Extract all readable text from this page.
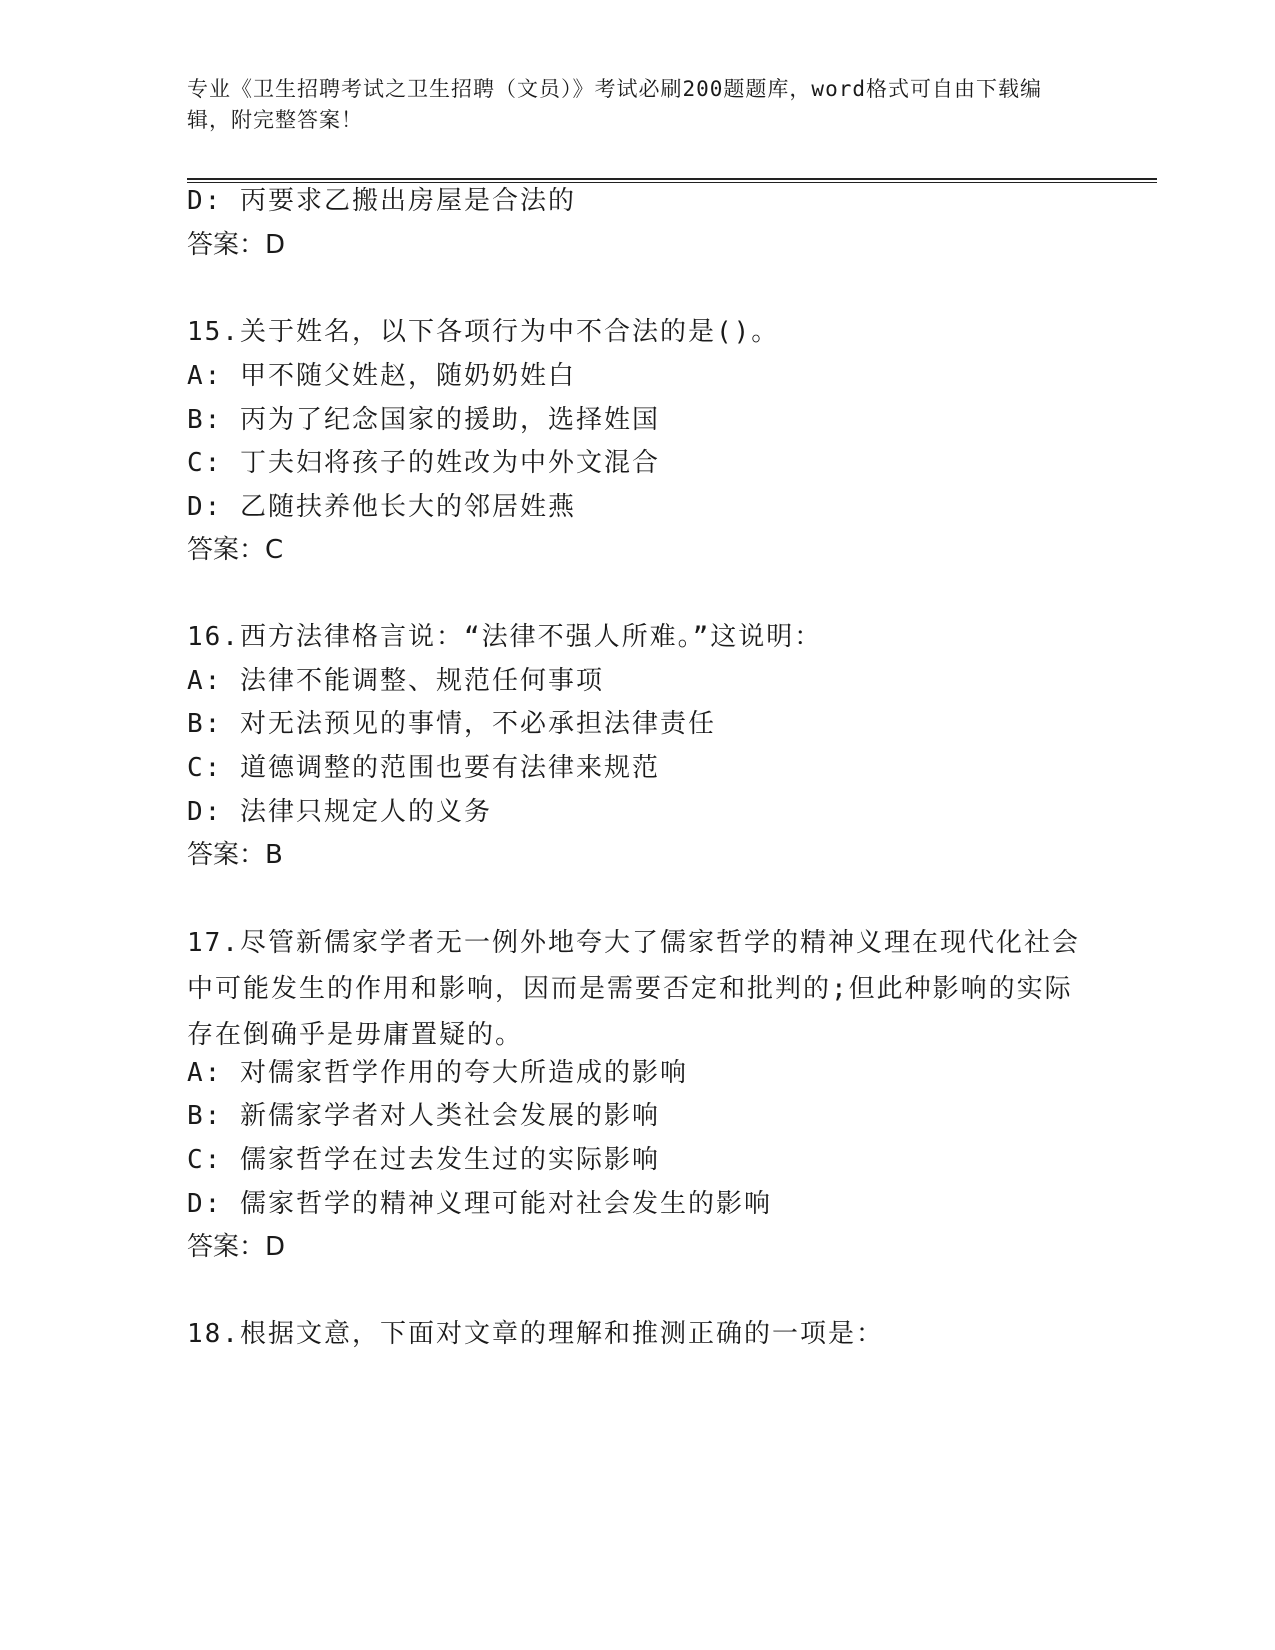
专业《卫生招聘考试之卫生招聘（文员）》考试必刷200题题库，word格式可自由下载编辑，附完整答案！
D: 丙要求乙搬出房屋是合法的
答案：D
15.关于姓名，以下各项行为中不合法的是()。
A: 甲不随父姓赵，随奶奶姓白
B: 丙为了纪念国家的援助，选择姓国
C: 丁夫妇将孩子的姓改为中外文混合
D: 乙随扶养他长大的邻居姓燕
答案：C
16.西方法律格言说：“法律不强人所难。”这说明：
A: 法律不能调整、规范任何事项
B: 对无法预见的事情，不必承担法律责任
C: 道德调整的范围也要有法律来规范
D: 法律只规定人的义务
答案：B
17.尽管新儒家学者无一例外地夸大了儒家哲学的精神义理在现代化社会中可能发生的作用和影响，因而是需要否定和批判的;但此种影响的实际存在倒确乎是毋庸置疑的。
A: 对儒家哲学作用的夸大所造成的影响
B: 新儒家学者对人类社会发展的影响
C: 儒家哲学在过去发生过的实际影响
D: 儒家哲学的精神义理可能对社会发生的影响
答案：D
18.根据文意，下面对文章的理解和推测正确的一项是：
